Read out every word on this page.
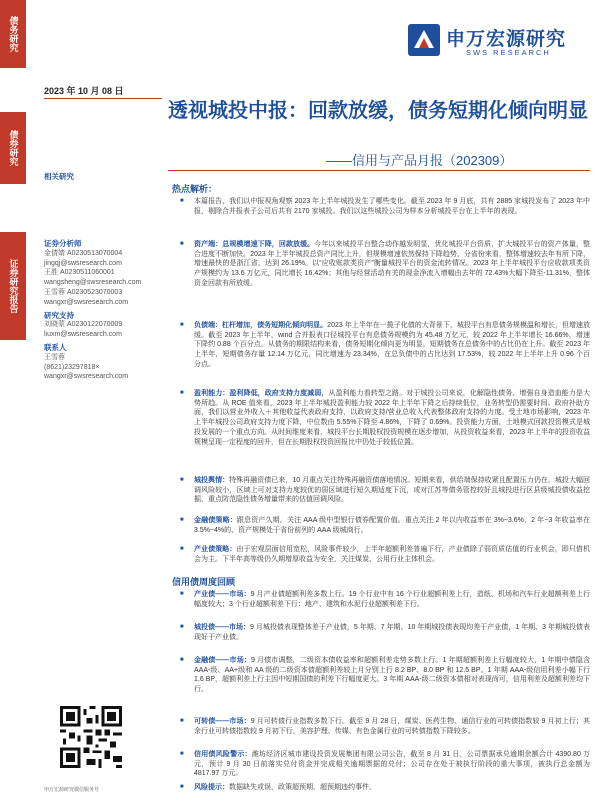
债务研究
债券研究
证券研究报告
申万宏源研究
SWS RESEARCH
2023 年 10 月 08 日
透视城投中报：回款放缓，债务短期化倾向明显
——信用与产品月报（202309）
相关研究
证券分析师
金倩婧 A0230513070004
jingqj@swsresearch.com
王胜 A0230511060001
wangsheng@swsresearch.com
王雪蓉 A0230523070003
wangxr@swsresearch.com
研究支持
刘晓蒙 A0230122070009
liuxm@swsresearch.com
联系人
王雪蓉
(8621)23297818×
wangxr@swsresearch.com
申万宏源研究微信服务号
热点解析：
■ 本篇报告，我们以中报视角观察 2023 年上半年城投发生了哪些变化。截至 2023 年 9 月底，共有 2885 家城投发布了 2023 年中报，剔除合并报表子公司后共有 2170 家城投。我们以这些城投公司为样本分析城投平台在上半年的表现。
■ 资产端：总规模增速下降，回款放缓。今年以来城投平台整合动作越发明显，优化城投平台资质，扩大城投平台的资产体量，整合进度不断加快。2023 年上半年城投总资产同比上升，但规模增速依然保持下降趋势，分省份来看，整体增速较去年有所下降，增速最快的是浙江省，达到 26.19%。以“应收账款类资产”衡量城投平台的资金流转情况。2023 年上半年城投平台应收款项类资产规模约为 13.6 万亿元，同比增长 16.42%；其他与经营活动有关的现金净流入增幅由去年的 72.43%大幅下降至-11.31%，整体资金回款有所放缓。
■ 负债端：杠杆增加，债务短期化倾向明显。2023 年上半年在一揽子化债的大背景下，城投平台有息债务规模温和增长，但增速放缓。截至 2023 年上半年，wind 合并报表口径城投平台有息债务规模约为 45.48 万亿元，较 2022 年上半年增长 16.66%，增速下降约 0.88 个百分点。从债务的期限结构来看，债务短期化倾向更为明显，短期债务在总债务中的占比仍在上升。截至 2023 年上半年，短期债务存量 12.14 万亿元，同比增速为 23.34%，在总负债中的占比达到 17.53%，较 2022 年上半年上升 0.96 个百分点。
■ 盈利能力：盈利降低，政府支持力度减弱，从盈利能力看转型之路。对于城投公司来说，化解隐性债务、增强自身造血能力是大势所趋。从 ROE 值来看，2023 年上半年城投盈利能力较 2022 年上半年下降之后持续低位，业务转型仍需要时间。政府补助方面，我们以营业外收入＋其他收益代表政府支持，以政府支持/营业总收入代表整体政府支持的力度。受土地市场影响，2023 年上半年城投公司政府支持力度下降，中位数由 5.55%下降至 4.86%，下降了 0.69%。投资能力方面，土地模式回款投资模式是城投发展的一个重点方向。从时间维度来看，城投平台长期股权投资规模在逐步增加，从投资收益来看，2023 年上半年的投资收益规模呈现一定程度的回升，但在长期股权投资回报比中仍处于较低位置。
■ 城投舆情：特殊再融资债已来，10 月重点关注特殊再融资债落地情况。短期来看，供给端保持收紧且配置压力仍在，城投大幅回调风险较小，区域上可对支持力度较优的弱区域进行短久期适度下沉，或对江苏等债务管控较好且城投进行区县级城投债收益挖掘，重点防范隐性债务增量带来的估值回调风险。
■ 金融债策略：跟息资产久期，关注 AAA 级中型银行债券配置价值。重点关注 2 年以内收益率在 3%~3.6%，2 年~3 年收益率在 3.5%~4%的、资产规模处于省份前列的 AAA 级城商行。
■ 产业债策略：由于宏观层面信用宽松，风险事件较少，上半年超额利差普遍下行，产业债除了弱资质估值的行业机会，即只借机会为主。下半年高等级仍久期增厚收益为安全，关注煤炭、公用行业主体机会。
信用债周度回顾
■ 产业债——市场：9 月产业债超额利差多数上行。19 个行业中有 16 个行业超额利差上行，造纸、机场和汽车行业超额利差上行幅度较大；3 个行业超额利差下行：地产、建筑和水泥行业超额利差下行。
■ 城投债——市场：9 月城投债表现整体差于产业债，5 年期、7 年期、10 年期城投债表现均差于产业债，1 年期、3 年期城投债表现好于产业债。
■ 金融债——市场：9 月债市调整，二级资本债收益率和超额利差走势多数上行。1 年期超额利差上行幅度较大，1 年期中债隐含 AAA-级、AA+级和 AA 级的二级资本债超额利差较上月分别上行 8.2 BP、8.0 BP 和 12.5 BP。1 年期 AAA-级信用利差小幅下行 1.6 BP，超额利差上行主因中短期国债的利差下行幅度更大。3 年期 AAA-级二级资本债相对表现尚可，信用利差及超额利差均下行。
■ 可转债——市场：9 月可转债行业指数多数下行。截至 9 月 28 日，煤炭、医药生物、通信行业的可转债指数较 9 月初上行；其余行业可转债指数较 9 月初下行，美容护理、传媒、有色金属行业的可转债指数下降较多。
■ 信用债风险警示：潍坊经济区城市建设投资发展集团有限公司公告，截至 8 月 31 日，公司票据承兑逾期余额合计 4390.80 万元，预计 9 月 30 日前落实兑付资金并完成相关逾期票据的兑付；公司存在处于被执行阶段的重大事项，被执行总金额为 4817.97 万元。
■ 风险提示：数据缺失或误，政策超预期，超预期违约事件。
